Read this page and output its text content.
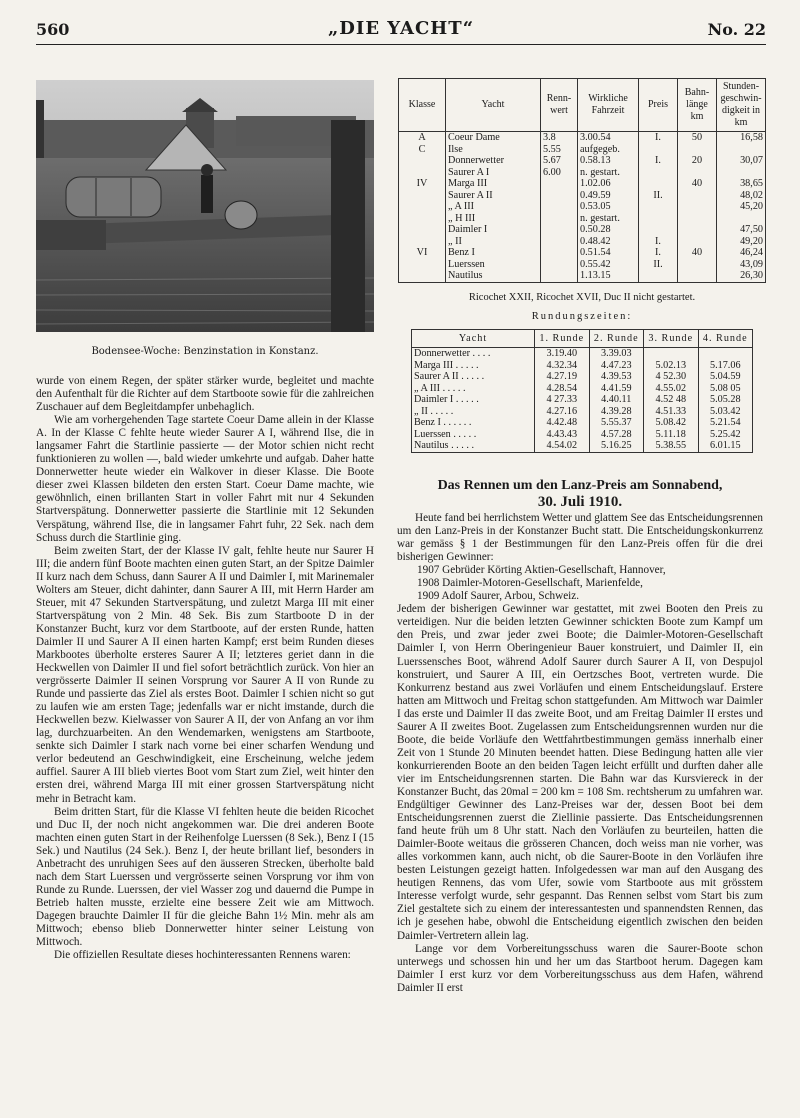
560	„DIE YACHT“	No. 22
Bodensee-Woche: Benzinstation in Konstanz.

wurde von einem Regen, der später stärker wurde, begleitet und machte den Aufenthalt für die Richter auf dem Startboote sowie für die zahlreichen Zuschauer auf dem Begleitdampfer unbehaglich.

Wie am vorhergehenden Tage startete Coeur Dame allein in der Klasse A. In der Klasse C fehlte heute wieder Saurer A I, während Ilse, die in langsamer Fahrt die Startlinie passierte — der Motor schien nicht recht funktionieren zu wollen —, bald wieder umkehrte und aufgab. Daher hatte Donnerwetter heute wieder ein Walkover in dieser Klasse. Die Boote dieser zwei Klassen bildeten den ersten Start. Coeur Dame machte, wie gewöhnlich, einen brillanten Start in voller Fahrt mit nur 4 Sekunden Startverspätung. Donnerwetter passierte die Startlinie mit 12 Sekunden Verspätung, während Ilse, die in langsamer Fahrt fuhr, 22 Sek. nach dem Schuss durch die Startlinie ging.

Beim zweiten Start, der der Klasse IV galt, fehlte heute nur Saurer H III; die andern fünf Boote machten einen guten Start, an der Spitze Daimler II kurz nach dem Schuss, dann Saurer A II und Daimler I, mit Marinemaler Wolters am Steuer, dicht dahinter, dann Saurer A III, mit Herrn Harder am Steuer, mit 47 Sekunden Startverspätung, und zuletzt Marga III mit einer Startverspätung von 2 Min. 48 Sek. Bis zum Startboote D in der Konstanzer Bucht, kurz vor dem Startboote, auf der ersten Runde, hatten Daimler II und Saurer A II einen harten Kampf; erst beim Runden dieses Markbootes überholte ersteres Saurer A II; letzteres geriet dann in die Heckwellen von Daimler II und fiel sofort beträchtlich zurück. Von hier an vergrösserte Daimler II seinen Vorsprung vor Saurer A II von Runde zu Runde und passierte das Ziel als erstes Boot. Daimler I schien nicht so gut zu laufen wie am ersten Tage; jedenfalls war er nicht imstande, durch die Heckwellen bezw. Kielwasser von Saurer A II, der von Anfang an vor ihm lag, durchzuarbeiten. An den Wendemarken, wenigstens am Startboote, senkte sich Daimler I stark nach vorne bei einer scharfen Wendung und verlor bedeutend an Geschwindigkeit, eine Erscheinung, welche jedem auffiel. Saurer A III blieb viertes Boot vom Start zum Ziel, weit hinter den ersten drei, während Marga III mit einer grossen Startverspätung nicht mehr in Betracht kam.

Beim dritten Start, für die Klasse VI fehlten heute die beiden Ricochet und Duc II, der noch nicht angekommen war. Die drei anderen Boote machten einen guten Start in der Reihenfolge Luerssen (8 Sek.), Benz I (15 Sek.) und Nautilus (24 Sek.). Benz I, der heute brillant lief, besonders in Anbetracht des unruhigen Sees auf den äusseren Strecken, überholte bald nach dem Start Luerssen und vergrösserte seinen Vorsprung vor ihm von Runde zu Runde. Luerssen, der viel Wasser zog und dauernd die Pumpe in Betrieb halten musste, erzielte eine bessere Zeit wie am Mittwoch. Dagegen brauchte Daimler II für die gleiche Bahn 1½ Min. mehr als am Mittwoch; ebenso blieb Donnerwetter hinter seiner Leistung von Mittwoch.

Die offiziellen Resultate dieses hochinteressanten Rennens waren:

Klasse	Yacht	Renn-wert	Wirkliche Fahrzeit	Preis	Bahn-länge km	Stunden-geschwin-digkeit in km
A	Coeur Dame	3.8	3.00.54	I.	50	16,58
C	Ilse	5.55	aufgegeb.			
	Donnerwetter	5.67	0.58.13	I.	20	30,07
	Saurer A I	6.00	n. gestart.			
IV	Marga III		1.02.06		40	38,65
	Saurer A II		0.49.59	II.		48,02
	„ A III		0.53.05			45,20
	„ H III		n. gestart.			
	Daimler I		0.50.28			47,50
	„ II		0.48.42	I.		49,20
VI	Benz I		0.51.54	I.	40	46,24
	Luerssen		0.55.42	II.		43,09
	Nautilus		1.13.15			26,30
Ricochet XXII, Ricochet XVII, Duc II nicht gestartet.
Rundungszeiten:
Yacht	1. Runde	2. Runde	3. Runde	4. Runde
Donnerwetter . . . .	3.19.40	3.39.03		
Marga III . . . . .	4.32.34	4.47.23	5.02.13	5.17.06
Saurer A II . . . . .	4.27.19	4.39.53	4 52.30	5.04.59
„ A III . . . . .	4.28.54	4.41.59	4.55.02	5.08 05
Daimler I . . . . .	4 27.33	4.40.11	4.52 48	5.05.28
„ II . . . . .	4.27.16	4.39.28	4.51.33	5.03.42
Benz I . . . . . .	4.42.48	5.55.37	5.08.42	5.21.54
Luerssen . . . . .	4.43.43	4.57.28	5.11.18	5.25.42
Nautilus . . . . .	4.54.02	5.16.25	5.38.55	6.01.15
Das Rennen um den Lanz-Preis am Sonnabend,
30. Juli 1910.

Heute fand bei herrlichstem Wetter und glattem See das Entscheidungsrennen um den Lanz-Preis in der Konstanzer Bucht statt. Die Entscheidungskonkurrenz war gemäss § 1 der Bestimmungen für den Lanz-Preis offen für die drei bisherigen Gewinner:

1907 Gebrüder Körting Aktien-Gesellschaft, Hannover,

1908 Daimler-Motoren-Gesellschaft, Marienfelde,

1909 Adolf Saurer, Arbou, Schweiz.

Jedem der bisherigen Gewinner war gestattet, mit zwei Booten den Preis zu verteidigen. Nur die beiden letzten Gewinner schickten Boote zum Kampf um den Preis, und zwar jeder zwei Boote; die Daimler-Motoren-Gesellschaft Daimler I, von Herrn Oberingenieur Bauer konstruiert, und Daimler II, ein Luerssensches Boot, während Adolf Saurer durch Saurer A II, von Despujol konstruiert, und Saurer A III, ein Oertzsches Boot, vertreten wurde. Die Konkurrenz bestand aus zwei Vorläufen und einem Entscheidungslauf. Erstere hatten am Mittwoch und Freitag schon stattgefunden. Am Mittwoch war Daimler I das erste und Daimler II das zweite Boot, und am Freitag Daimler II erstes und Saurer A II zweites Boot. Zugelassen zum Entscheidungsrennen wurden nur die Boote, die beide Vorläufe den Wettfahrtbestimmungen gemäss innerhalb einer Zeit von 1 Stunde 20 Minuten beendet hatten. Diese Bedingung hatten alle vier konkurrierenden Boote an den beiden Tagen leicht erfüllt und durften daher alle vier im Entscheidungsrennen starten. Die Bahn war das Kursviereck in der Konstanzer Bucht, das 20mal = 200 km = 108 Sm. rechtsherum zu umfahren war. Endgültiger Gewinner des Lanz-Preises war der, dessen Boot bei dem Entscheidungsrennen zuerst die Ziellinie passierte. Das Entscheidungsrennen fand heute früh um 8 Uhr statt. Nach den Vorläufen zu beurteilen, hatten die Daimler-Boote weitaus die grösseren Chancen, doch weiss man nie vorher, was alles vorkommen kann, auch nicht, ob die Saurer-Boote in den Vorläufen ihre besten Leistungen gezeigt hatten. Infolgedessen war man auf den Ausgang des heutigen Rennens, das vom Ufer, sowie vom Startboote aus mit grösstem Interesse verfolgt wurde, sehr gespannt. Das Rennen selbst vom Start bis zum Ziel gestaltete sich zu einem der interessantesten und spannendsten Rennen, das ich je gesehen habe, obwohl die Entscheidung eigentlich zwischen den beiden Daimler-Vertretern allein lag.

Lange vor dem Vorbereitungsschuss waren die Saurer-Boote schon unterwegs und schossen hin und her um das Startboot herum. Dagegen kam Daimler I erst kurz vor dem Vorbereitungsschuss aus dem Hafen, während Daimler II erst
